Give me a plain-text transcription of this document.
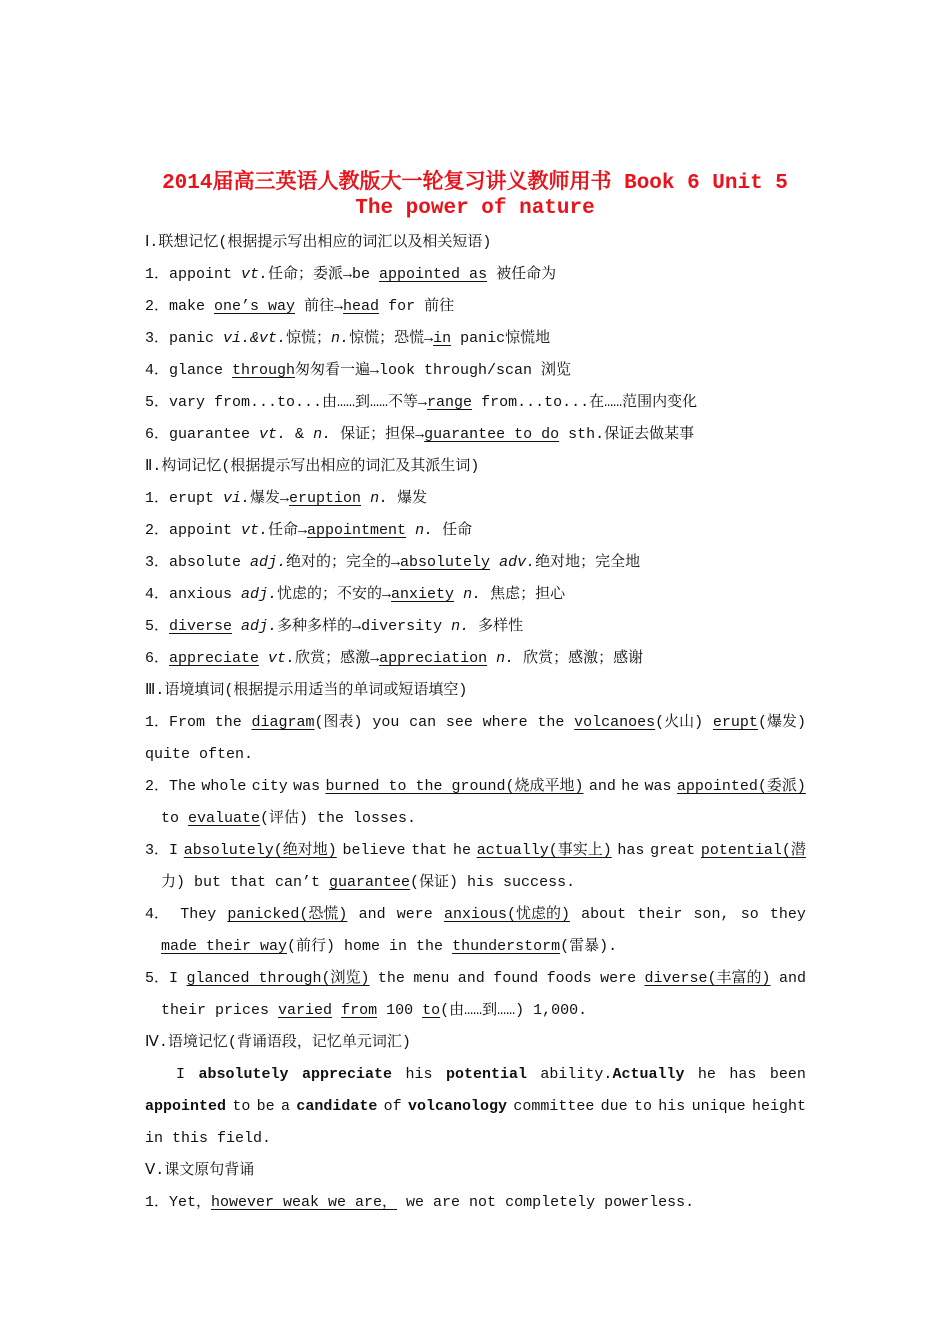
2014届高三英语人教版大一轮复习讲义教师用书 Book 6 Unit 5
The power of nature
Ⅰ.联想记忆(根据提示写出相应的词汇以及相关短语)
1．appoint vt.任命；委派→be appointed as 被任命为
2．make one’s way 前往→head for 前往
3．panic vi.&vt.惊慌；n.惊慌；恐慌→in panic惊慌地
4．glance through匆匆看一遍→look through/scan 浏览
5．vary from...to...由……到……不等→range from...to...在……范围内变化
6．guarantee vt. & n. 保证；担保→guarantee to do sth.保证去做某事
Ⅱ.构词记忆(根据提示写出相应的词汇及其派生词)
1．erupt vi.爆发→eruption n. 爆发
2．appoint vt.任命→appointment n. 任命
3．absolute adj.绝对的；完全的→absolutely adv.绝对地；完全地
4．anxious adj.忧虑的；不安的→anxiety n. 焦虑；担心
5．diverse adj.多种多样的→diversity n. 多样性
6．appreciate vt.欣赏；感激→appreciation n. 欣赏；感激；感谢
Ⅲ.语境填词(根据提示用适当的单词或短语填空)
1．From the diagram(图表) you can see where the volcanoes(火山) erupt(爆发)
quite often.
2．The whole city was burned to the ground(烧成平地) and he was appointed(委派)
to evaluate(评估) the losses.
3．I absolutely(绝对地) believe that he actually(事实上) has great potential(潜
力) but that can’t guarantee(保证) his success.
4． They panicked(恐慌) and were anxious(忧虑的) about their son, so they
made their way(前行) home in the thunderstorm(雷暴).
5．I glanced through(浏览) the menu and found foods were diverse(丰富的) and
their prices varied from 100 to(由……到……) 1,000.
Ⅳ.语境记忆(背诵语段，记忆单元词汇)
I absolutely appreciate his potential ability.Actually he has been
appointed to be a candidate of volcanology committee due to his unique height
in this field.
Ⅴ.课文原句背诵
1．Yet，however weak we are， we are not completely powerless.
